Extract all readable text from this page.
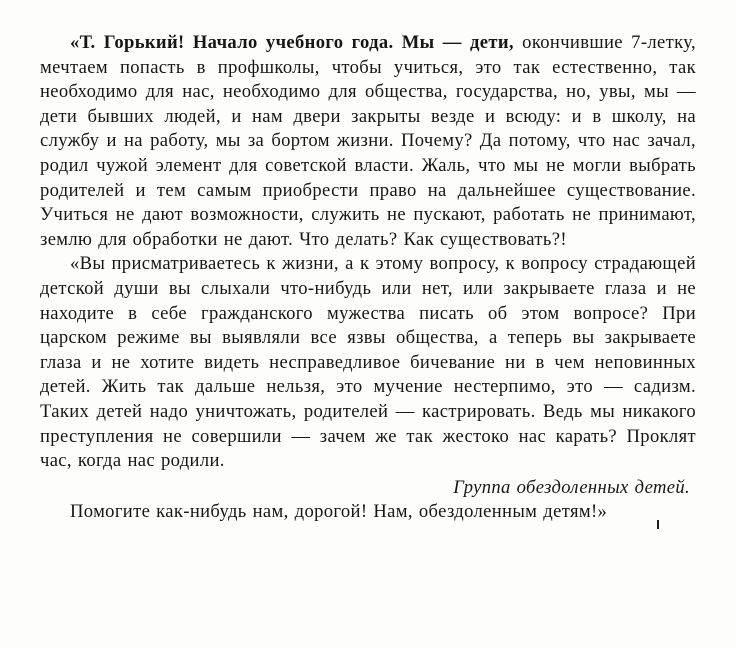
«Т. Горький! Начало учебного года. Мы — дети, окончившие 7-летку, мечтаем попасть в профшколы, чтобы учиться, это так естественно, так необходимо для нас, необходимо для общества, государства, но, увы, мы — дети бывших людей, и нам двери закрыты везде и всюду: и в школу, на службу и на работу, мы за бортом жизни. Почему? Да потому, что нас зачал, родил чужой элемент для советской власти. Жаль, что мы не могли выбрать родителей и тем самым приобрести право на дальнейшее существование. Учиться не дают возможности, служить не пускают, работать не принимают, землю для обработки не дают. Что делать? Как существовать?!

«Вы присматриваетесь к жизни, а к этому вопросу, к вопросу страдающей детской души вы слыхали что-нибудь или нет, или закрываете глаза и не находите в себе гражданского мужества писать об этом вопросе? При царском режиме вы выявляли все язвы общества, а теперь вы закрываете глаза и не хотите видеть несправедливое бичевание ни в чем неповинных детей. Жить так дальше нельзя, это мучение нестерпимо, это — садизм. Таких детей надо уничтожать, родителей — кастрировать. Ведь мы никакого преступления не совершили — зачем же так жестоко нас карать? Проклят час, когда нас родили.

Группа обездоленных детей.

Помогите как-нибудь нам, дорогой! Нам, обездоленным детям!»
